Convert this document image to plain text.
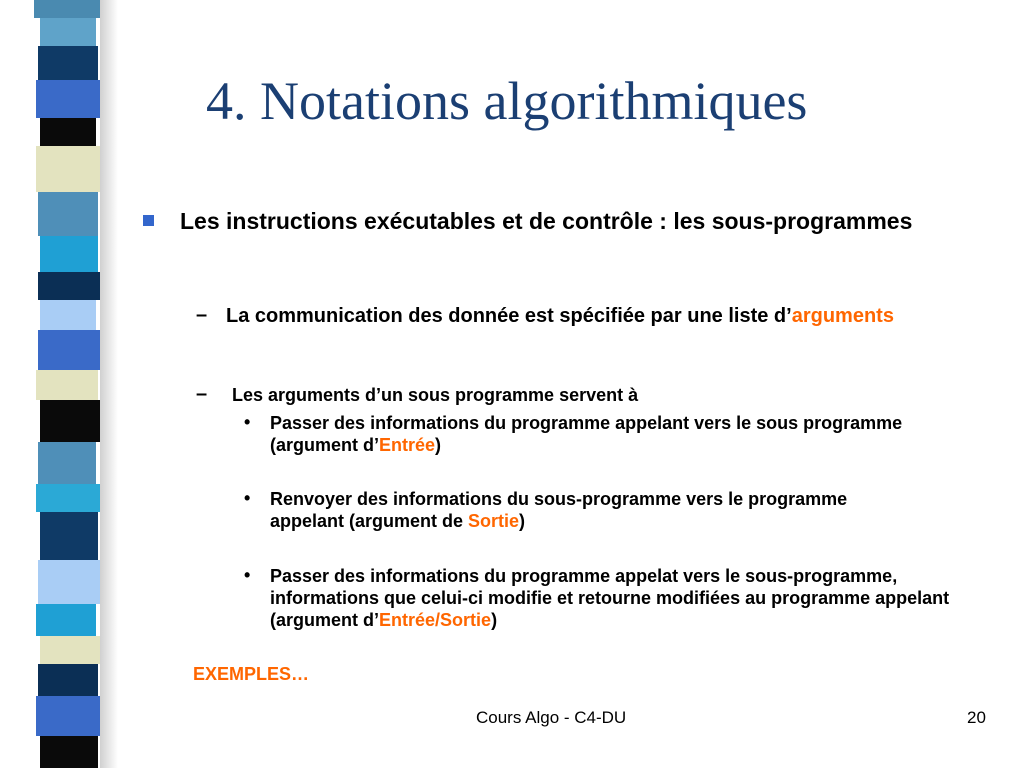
4. Notations algorithmiques
Les instructions exécutables et de contrôle : les sous-programmes
– La communication des donnée est spécifiée par une liste d’arguments
– Les arguments d’un sous programme servent à
• Passer des informations du programme appelant vers le sous programme (argument d’Entrée)
• Renvoyer des informations du sous-programme vers le programme appelant (argument de Sortie)
• Passer des informations du programme appelat vers le sous-programme, informations que celui-ci modifie et retourne modifiées au programme appelant (argument d’Entrée/Sortie)
EXEMPLES…
Cours Algo - C4-DU	20
